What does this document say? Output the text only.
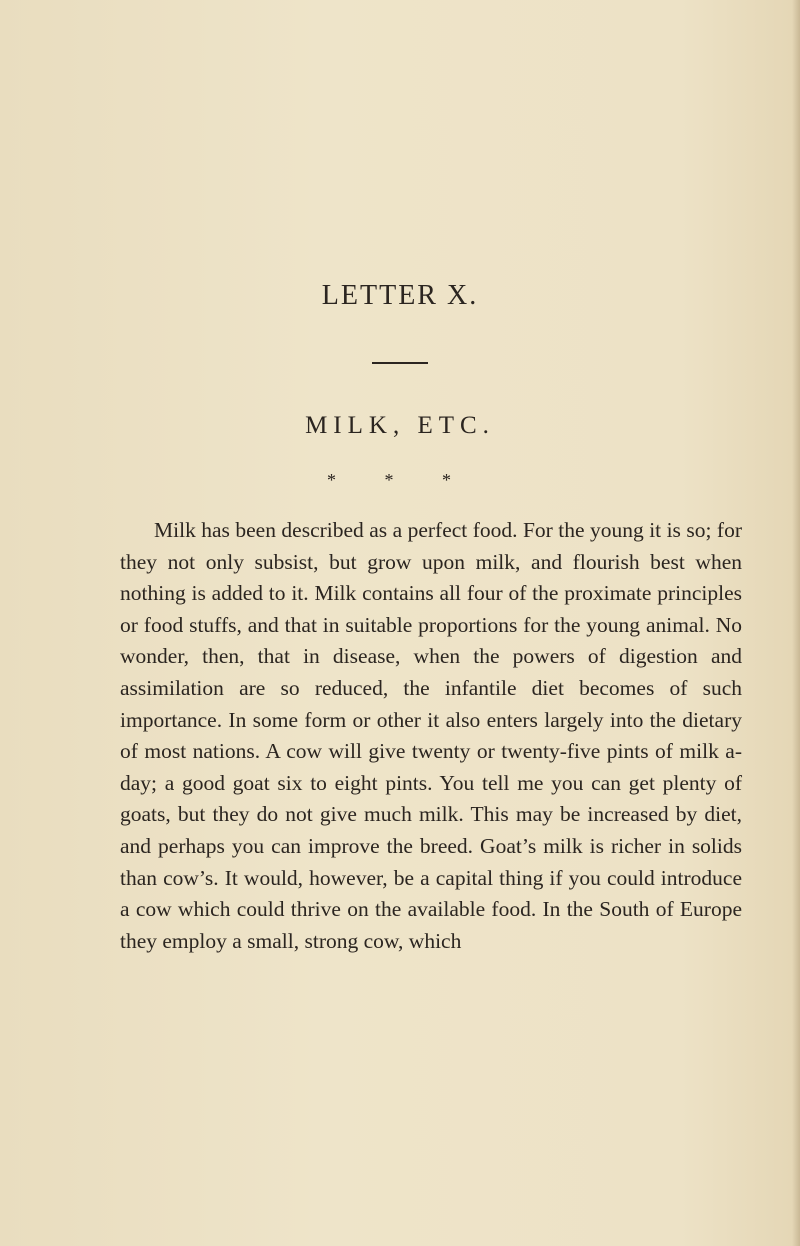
LETTER X.
MILK, ETC.
* * *

Milk has been described as a perfect food. For the young it is so; for they not only subsist, but grow upon milk, and flourish best when nothing is added to it. Milk contains all four of the proximate principles or food stuffs, and that in suitable proportions for the young animal. No wonder, then, that in disease, when the powers of digestion and assimilation are so reduced, the infantile diet becomes of such importance. In some form or other it also enters largely into the dietary of most nations. A cow will give twenty or twenty-five pints of milk a-day; a good goat six to eight pints. You tell me you can get plenty of goats, but they do not give much milk. This may be increased by diet, and perhaps you can improve the breed. Goat’s milk is richer in solids than cow’s. It would, however, be a capital thing if you could introduce a cow which could thrive on the available food. In the South of Europe they employ a small, strong cow, which
